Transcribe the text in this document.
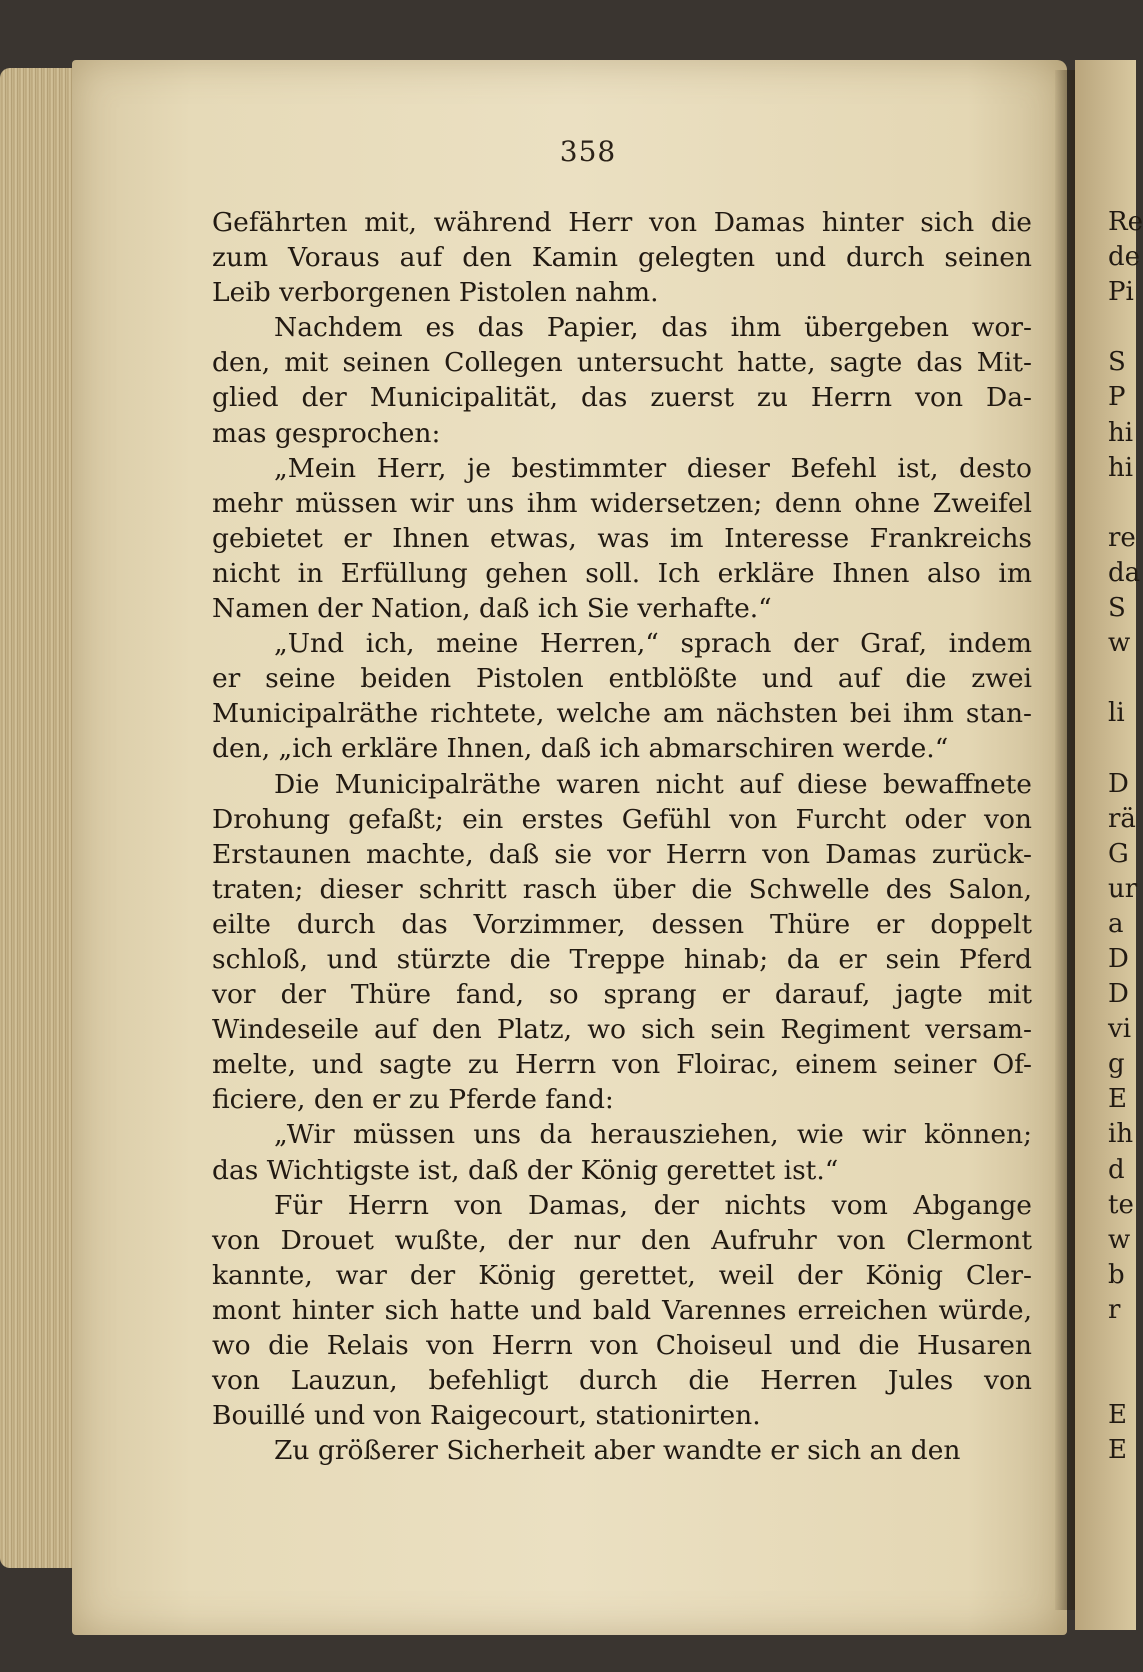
358
Gefährten mit, während Herr von Damas hinter sich die
zum Voraus auf den Kamin gelegten und durch seinen
Leib verborgenen Pistolen nahm.
Nachdem es das Papier, das ihm übergeben wor-
den, mit seinen Collegen untersucht hatte, sagte das Mit-
glied der Municipalität, das zuerst zu Herrn von Da-
mas gesprochen:
„Mein Herr, je bestimmter dieser Befehl ist, desto
mehr müssen wir uns ihm widersetzen; denn ohne Zweifel
gebietet er Ihnen etwas, was im Interesse Frankreichs
nicht in Erfüllung gehen soll. Ich erkläre Ihnen also im
Namen der Nation, daß ich Sie verhafte.“
„Und ich, meine Herren,“ sprach der Graf, indem
er seine beiden Pistolen entblößte und auf die zwei
Municipalräthe richtete, welche am nächsten bei ihm stan-
den, „ich erkläre Ihnen, daß ich abmarschiren werde.“
Die Municipalräthe waren nicht auf diese bewaffnete
Drohung gefaßt; ein erstes Gefühl von Furcht oder von
Erstaunen machte, daß sie vor Herrn von Damas zurück-
traten; dieser schritt rasch über die Schwelle des Salon,
eilte durch das Vorzimmer, dessen Thüre er doppelt
schloß, und stürzte die Treppe hinab; da er sein Pferd
vor der Thüre fand, so sprang er darauf, jagte mit
Windeseile auf den Platz, wo sich sein Regiment versam-
melte, und sagte zu Herrn von Floirac, einem seiner Of-
ficiere, den er zu Pferde fand:
„Wir müssen uns da herausziehen, wie wir können;
das Wichtigste ist, daß der König gerettet ist.“
Für Herrn von Damas, der nichts vom Abgange
von Drouet wußte, der nur den Aufruhr von Clermont
kannte, war der König gerettet, weil der König Cler-
mont hinter sich hatte und bald Varennes erreichen würde,
wo die Relais von Herrn von Choiseul und die Husaren
von Lauzun, befehligt durch die Herren Jules von
Bouillé und von Raigecourt, stationirten.
Zu größerer Sicherheit aber wandte er sich an den
Re
de
Pi
S
P
hi
hi
re
da
S
w
li
D
rä
G
ur
a
D
D
vi
g
E
ih
d
te
w
b
r
E
E
